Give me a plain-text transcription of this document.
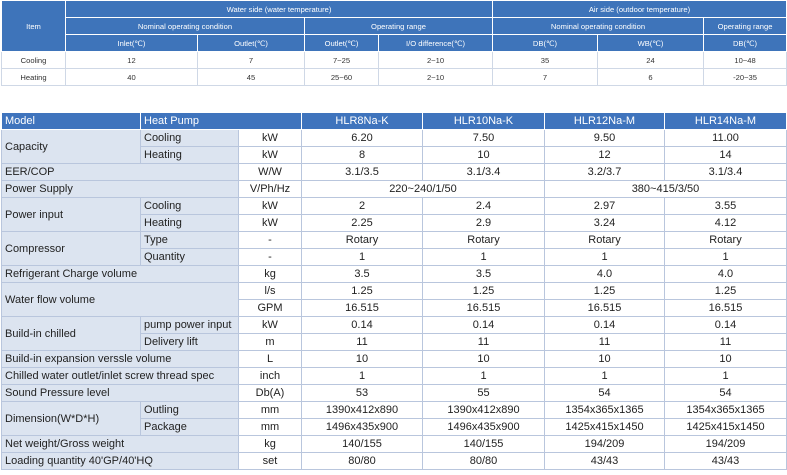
Item	Water side (water temperature)				Air side (outdoor temperature)		
	Nominal operating condition		Operating range		Nominal operating condition		Operating range
	Inlet(℃)	Outlet(℃)	Outlet(℃)	I/O difference(℃)	DB(℃)	WB(℃)	DB(℃)
Cooling	12	7	7~25	2~10	35	24	10~48
Heating	40	45	25~60	2~10	7	6	-20~35
Model	Heat Pump		HLR8Na-K	HLR10Na-K	HLR12Na-M	HLR14Na-M
Capacity	Cooling	kW	6.20	7.50	9.50	11.00
	Heating	kW	8	10	12	14
EER/COP		W/W	3.1/3.5	3.1/3.4	3.2/3.7	3.1/3.4
Power Supply		V/Ph/Hz	220~240/1/50		380~415/3/50	
Power input	Cooling	kW	2	2.4	2.97	3.55
	Heating	kW	2.25	2.9	3.24	4.12
Compressor	Type	-	Rotary	Rotary	Rotary	Rotary
	Quantity	-	1	1	1	1
Refrigerant Charge volume		kg	3.5	3.5	4.0	4.0
Water flow volume		l/s	1.25	1.25	1.25	1.25
		GPM	16.515	16.515	16.515	16.515
Build-in chilled	pump power input	kW	0.14	0.14	0.14	0.14
	Delivery lift	m	11	11	11	11
Build-in expansion verssle volume		L	10	10	10	10
Chilled water outlet/inlet screw thread spec		inch	1	1	1	1
Sound Pressure level		Db(A)	53	55	54	54
Dimension(W*D*H)	Outling	mm	1390x412x890	1390x412x890	1354x365x1365	1354x365x1365
	Package	mm	1496x435x900	1496x435x900	1425x415x1450	1425x415x1450
Net weight/Gross weight		kg	140/155	140/155	194/209	194/209
Loading quantity 40'GP/40'HQ		set	80/80	80/80	43/43	43/43
